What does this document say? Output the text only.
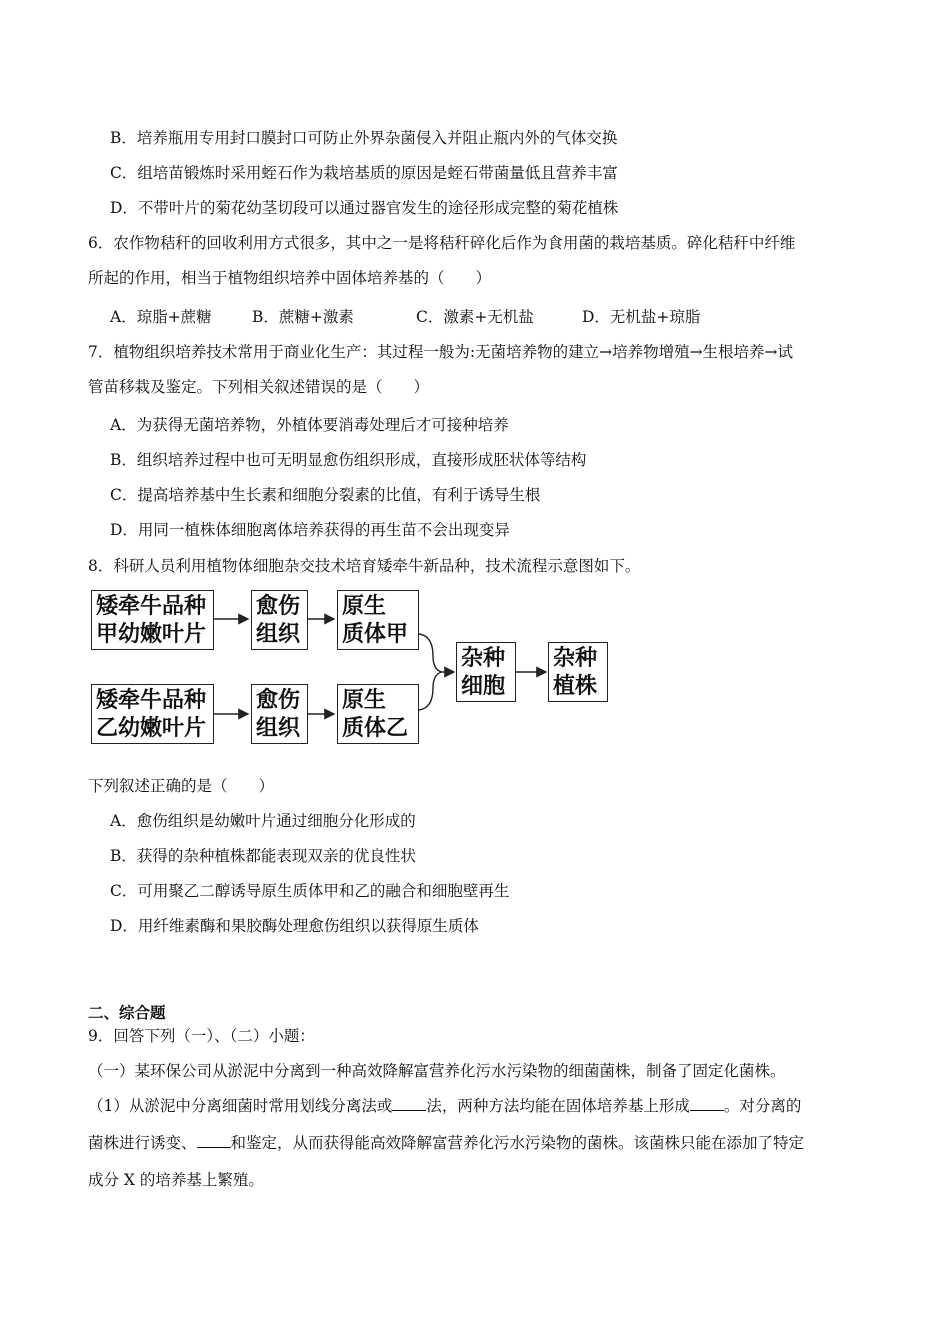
B．培养瓶用专用封口膜封口可防止外界杂菌侵入并阻止瓶内外的气体交换
C．组培苗锻炼时采用蛭石作为栽培基质的原因是蛭石带菌量低且营养丰富
D．不带叶片的菊花幼茎切段可以通过器官发生的途径形成完整的菊花植株
6．农作物秸秆的回收利用方式很多，其中之一是将秸秆碎化后作为食用菌的栽培基质。碎化秸秆中纤维
所起的作用，相当于植物组织培养中固体培养基的（　　）
A．琼脂+蔗糖	B．蔗糖+激素	C．激素+无机盐	D．无机盐+琼脂
7．植物组织培养技术常用于商业化生产：其过程一般为:无菌培养物的建立→培养物增殖→生根培养→试
管苗移栽及鉴定。下列相关叙述错误的是（　　）
A．为获得无菌培养物，外植体要消毒处理后才可接种培养
B．组织培养过程中也可无明显愈伤组织形成，直接形成胚状体等结构
C．提高培养基中生长素和细胞分裂素的比值，有利于诱导生根
D．用同一植株体细胞离体培养获得的再生苗不会出现变异
8．科研人员利用植物体细胞杂交技术培育矮牵牛新品种，技术流程示意图如下。
矮牵牛品种
甲幼嫩叶片
愈伤
组织
原生
质体甲
矮牵牛品种
乙幼嫩叶片
愈伤
组织
原生
质体乙
杂种
细胞
杂种
植株
下列叙述正确的是（　　）
A．愈伤组织是幼嫩叶片通过细胞分化形成的
B．获得的杂种植株都能表现双亲的优良性状
C．可用聚乙二醇诱导原生质体甲和乙的融合和细胞壁再生
D．用纤维素酶和果胶酶处理愈伤组织以获得原生质体
二、综合题
9．回答下列（一）、（二）小题：
（一）某环保公司从淤泥中分离到一种高效降解富营养化污水污染物的细菌菌株，制备了固定化菌株。
（1）从淤泥中分离细菌时常用划线分离法或 法，两种方法均能在固体培养基上形成 。对分离的
菌株进行诱变、 和鉴定，从而获得能高效降解富营养化污水污染物的菌株。该菌株只能在添加了特定
成分 X 的培养基上繁殖。
